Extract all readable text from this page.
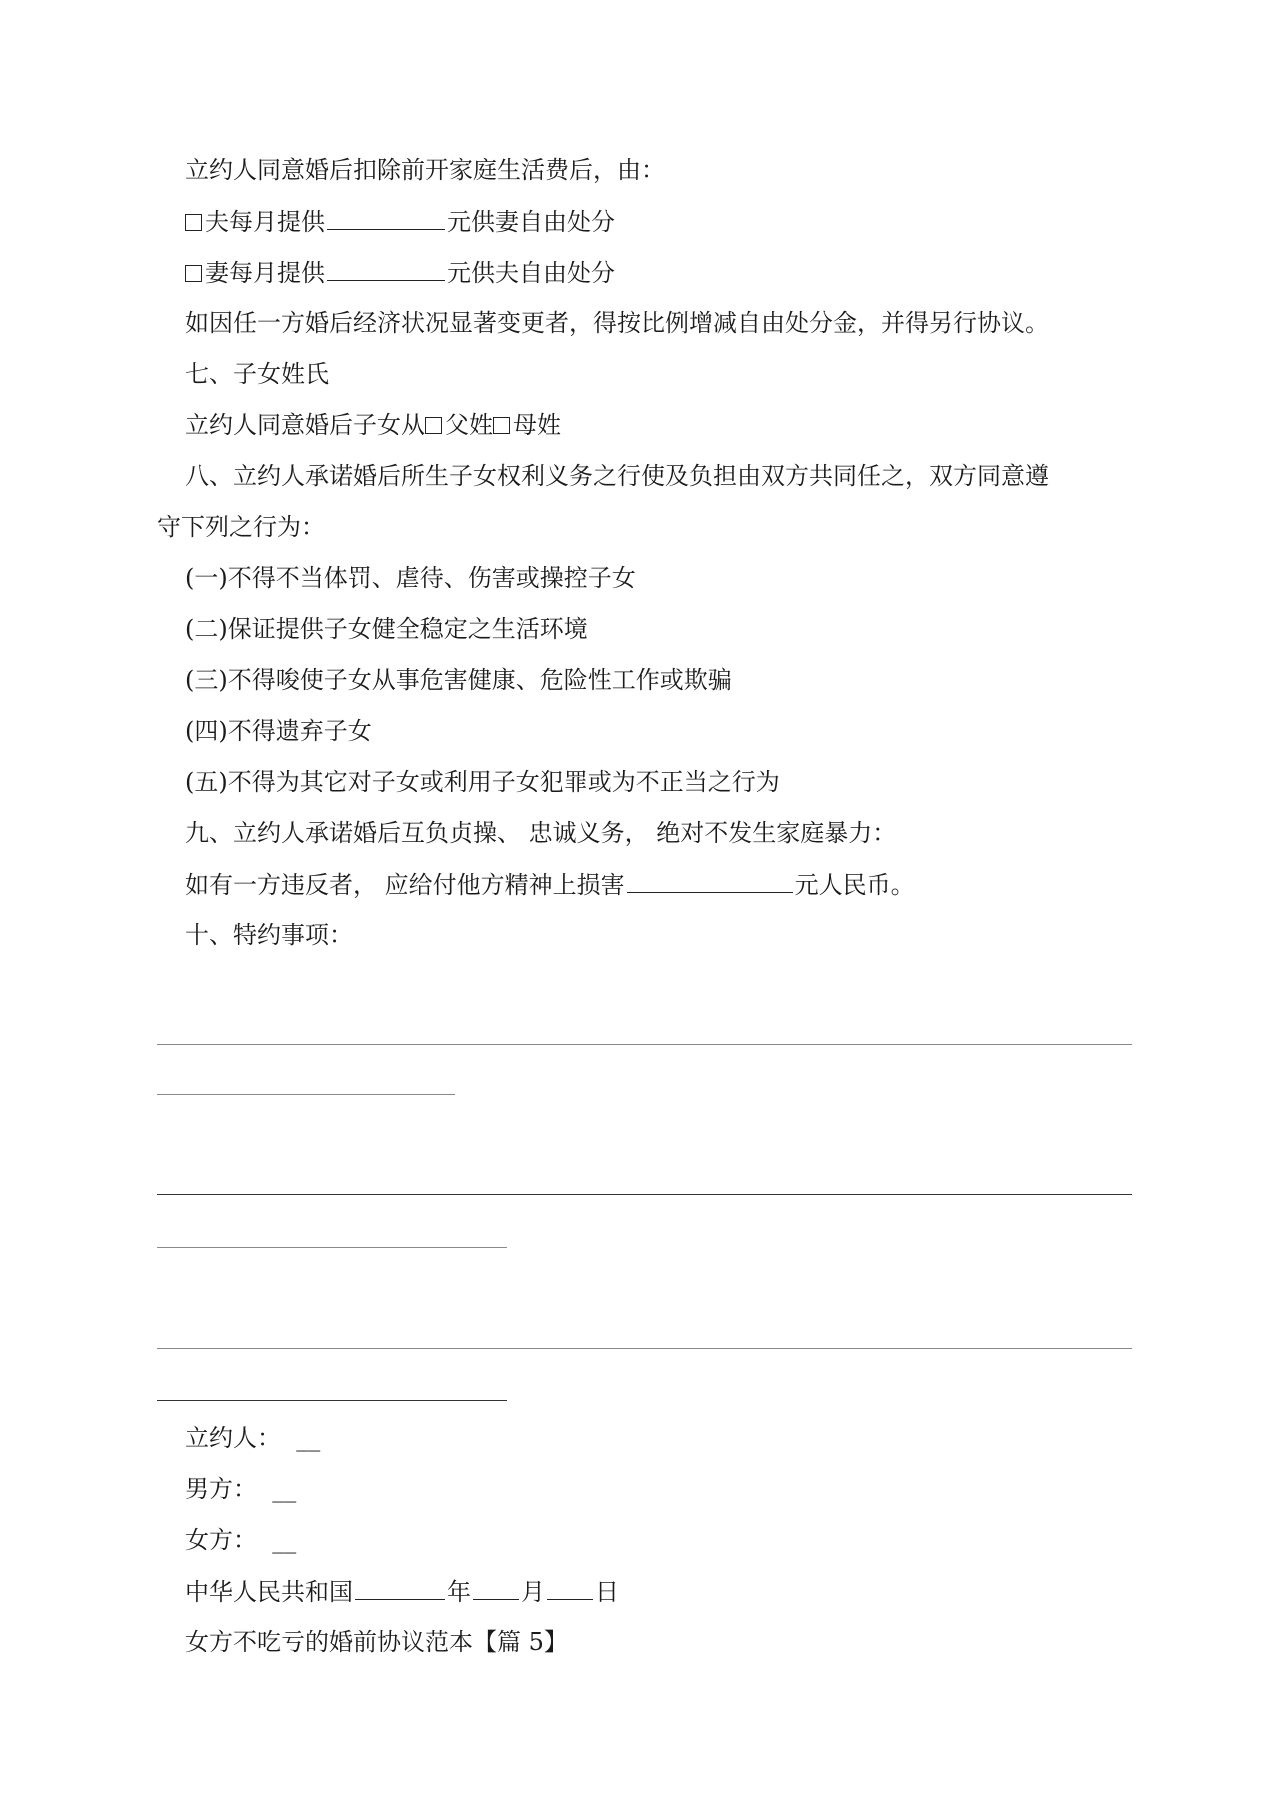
立约人同意婚后扣除前开家庭生活费后，由：
夫每月提供	元供妻自由处分
妻每月提供	元供夫自由处分
如因任一方婚后经济状况显著变更者，得按比例增减自由处分金，并得另行协议。
七、子女姓氏
立约人同意婚后子女从 父姓 母姓
八、立约人承诺婚后所生子女权利义务之行使及负担由双方共同任之，双方同意遵
守下列之行为：
(一)不得不当体罚、虐待、伤害或操控子女
(二)保证提供子女健全稳定之生活环境
(三)不得唆使子女从事危害健康、危险性工作或欺骗
(四)不得遗弃子女
(五)不得为其它对子女或利用子女犯罪或为不正当之行为
九、立约人承诺婚后互负贞操、 忠诚义务， 绝对不发生家庭暴力：
如有一方违反者， 应给付他方精神上损害	元人民币。
十、特约事项：
立约人： __
男方： __
女方： __
中华人民共和国	年 月 日
女方不吃亏的婚前协议范本【篇 5】
